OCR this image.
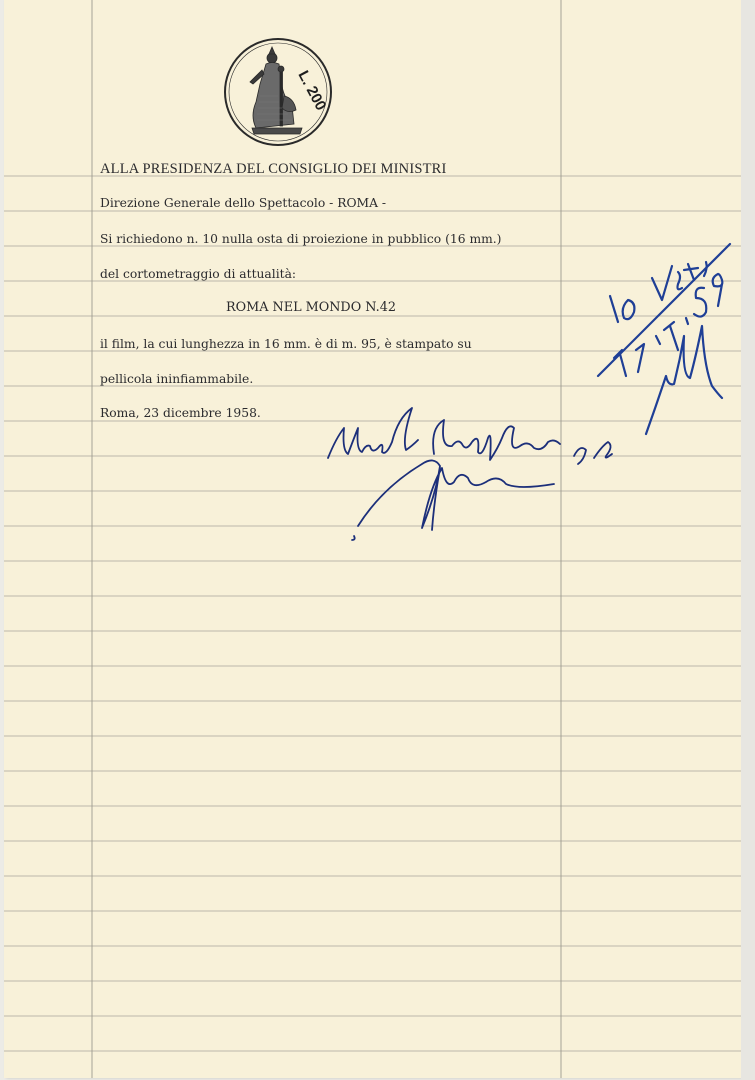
L. 200
ALLA PRESIDENZA DEL CONSIGLIO DEI MINISTRI
Direzione Generale dello Spettacolo - ROMA -
Si richiedono n. 10 nulla osta di proiezione in pubblico (16 mm.)
del cortometraggio di attualità:
ROMA NEL MONDO N.42
il film, la cui lunghezza in 16 mm. è di m. 95, è stampato su
pellicola ininfiammabile.
Roma, 23 dicembre 1958.
